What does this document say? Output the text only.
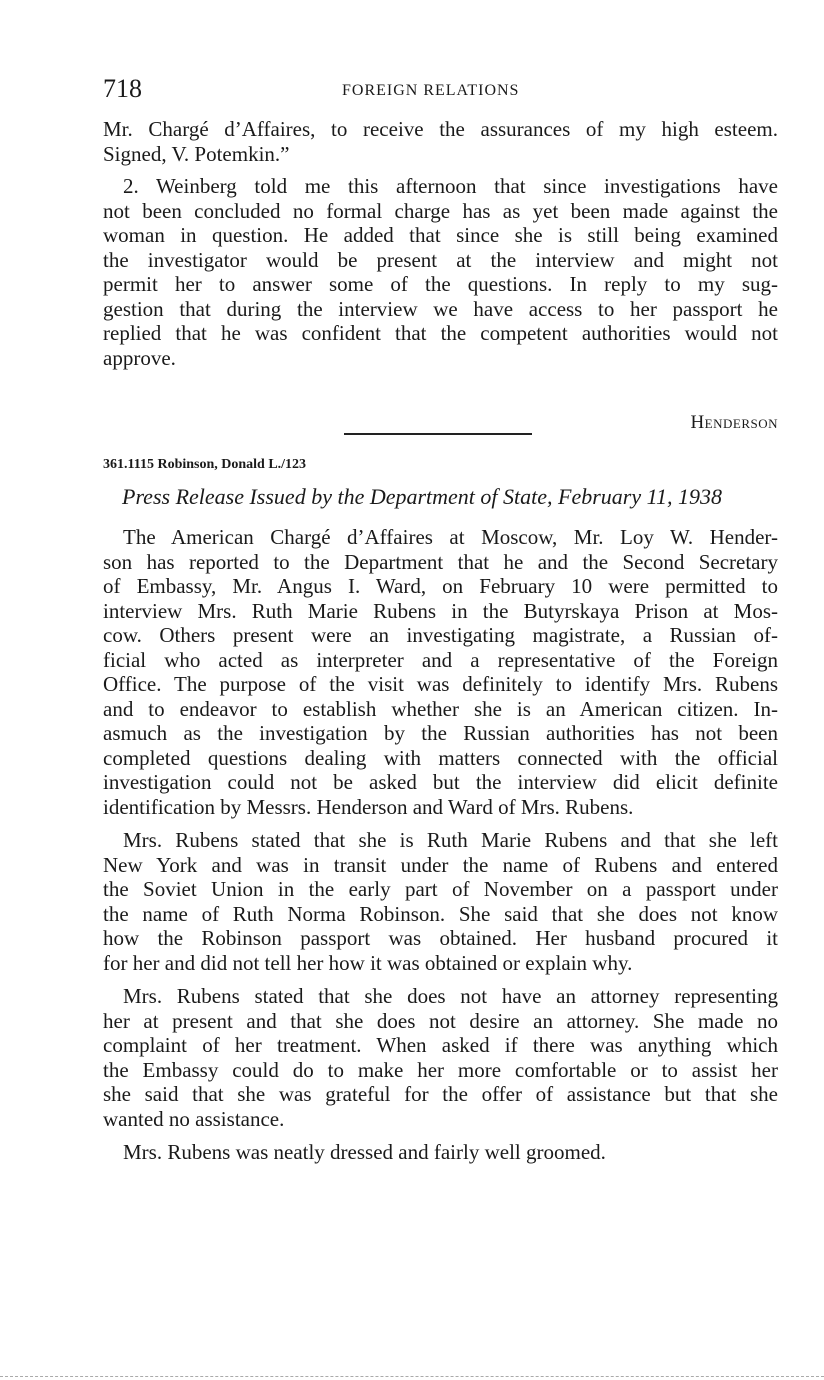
718	FOREIGN RELATIONS
Mr. Chargé d’Affaires, to receive the assurances of my high esteem.
Signed, V. Potemkin.”
2. Weinberg told me this afternoon that since investigations have
not been concluded no formal charge has as yet been made against the
woman in question. He added that since she is still being examined
the investigator would be present at the interview and might not
permit her to answer some of the questions. In reply to my sug-
gestion that during the interview we have access to her passport he
replied that he was confident that the competent authorities would not
approve.
Henderson
361.1115 Robinson, Donald L./123
Press Release Issued by the Department of State, February 11, 1938
The American Chargé d’Affaires at Moscow, Mr. Loy W. Hender-
son has reported to the Department that he and the Second Secretary
of Embassy, Mr. Angus I. Ward, on February 10 were permitted to
interview Mrs. Ruth Marie Rubens in the Butyrskaya Prison at Mos-
cow. Others present were an investigating magistrate, a Russian of-
ficial who acted as interpreter and a representative of the Foreign
Office. The purpose of the visit was definitely to identify Mrs. Rubens
and to endeavor to establish whether she is an American citizen. In-
asmuch as the investigation by the Russian authorities has not been
completed questions dealing with matters connected with the official
investigation could not be asked but the interview did elicit definite
identification by Messrs. Henderson and Ward of Mrs. Rubens.
Mrs. Rubens stated that she is Ruth Marie Rubens and that she left
New York and was in transit under the name of Rubens and entered
the Soviet Union in the early part of November on a passport under
the name of Ruth Norma Robinson. She said that she does not know
how the Robinson passport was obtained. Her husband procured it
for her and did not tell her how it was obtained or explain why.
Mrs. Rubens stated that she does not have an attorney representing
her at present and that she does not desire an attorney. She made no
complaint of her treatment. When asked if there was anything which
the Embassy could do to make her more comfortable or to assist her
she said that she was grateful for the offer of assistance but that she
wanted no assistance.
Mrs. Rubens was neatly dressed and fairly well groomed.
